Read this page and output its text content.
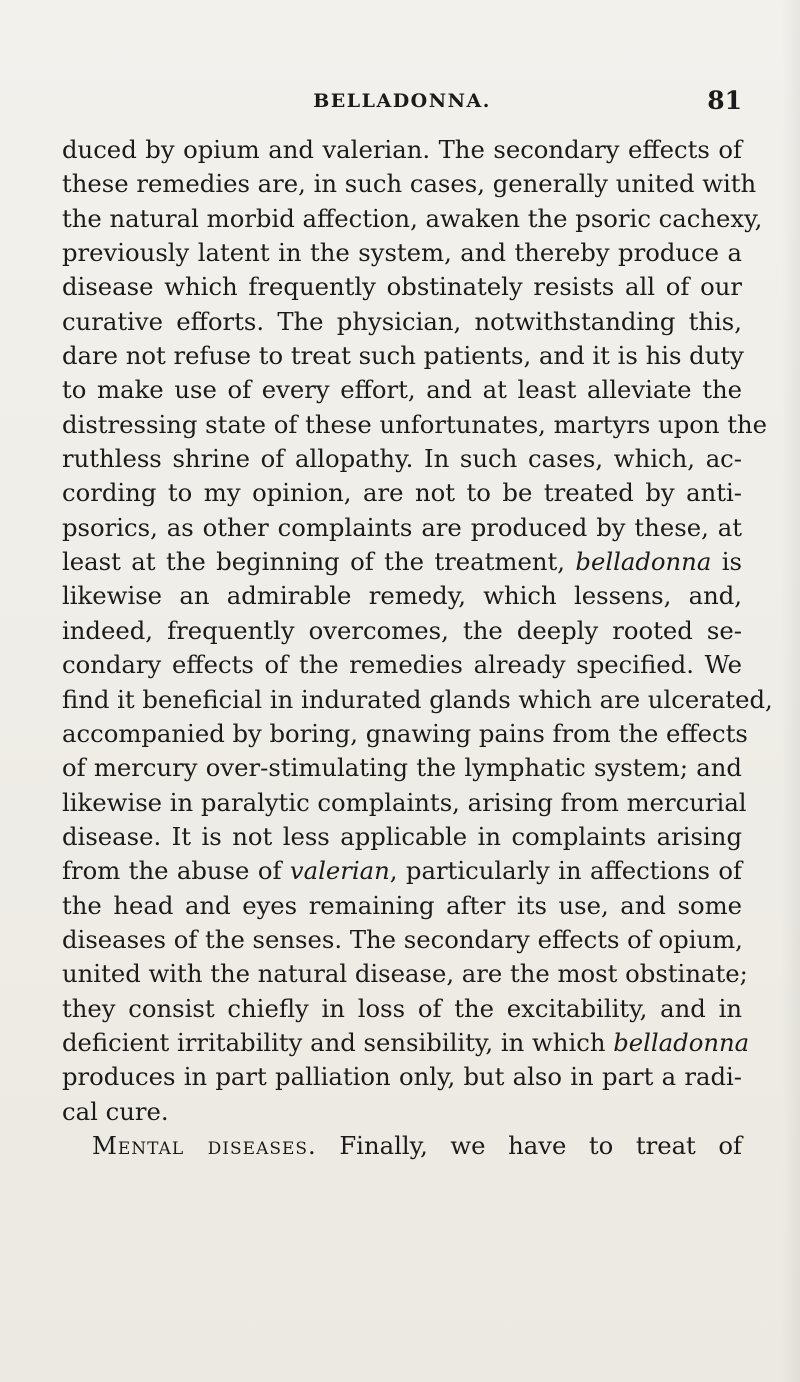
BELLADONNA.	81
duced by opium and valerian. The secondary effects of
these remedies are, in such cases, generally united with
the natural morbid affection, awaken the psoric cachexy,
previously latent in the system, and thereby produce a
disease which frequently obstinately resists all of our
curative efforts. The physician, notwithstanding this,
dare not refuse to treat such patients, and it is his duty
to make use of every effort, and at least alleviate the
distressing state of these unfortunates, martyrs upon the
ruthless shrine of allopathy. In such cases, which, ac-
cording to my opinion, are not to be treated by anti-
psorics, as other complaints are produced by these, at
least at the beginning of the treatment, belladonna is
likewise an admirable remedy, which lessens, and,
indeed, frequently overcomes, the deeply rooted se-
condary effects of the remedies already specified. We
find it beneficial in indurated glands which are ulcerated,
accompanied by boring, gnawing pains from the effects
of mercury over-stimulating the lymphatic system; and
likewise in paralytic complaints, arising from mercurial
disease. It is not less applicable in complaints arising
from the abuse of valerian, particularly in affections of
the head and eyes remaining after its use, and some
diseases of the senses. The secondary effects of opium,
united with the natural disease, are the most obstinate;
they consist chiefly in loss of the excitability, and in
deficient irritability and sensibility, in which belladonna
produces in part palliation only, but also in part a radi-
cal cure.
Mental diseases. Finally, we have to treat of
